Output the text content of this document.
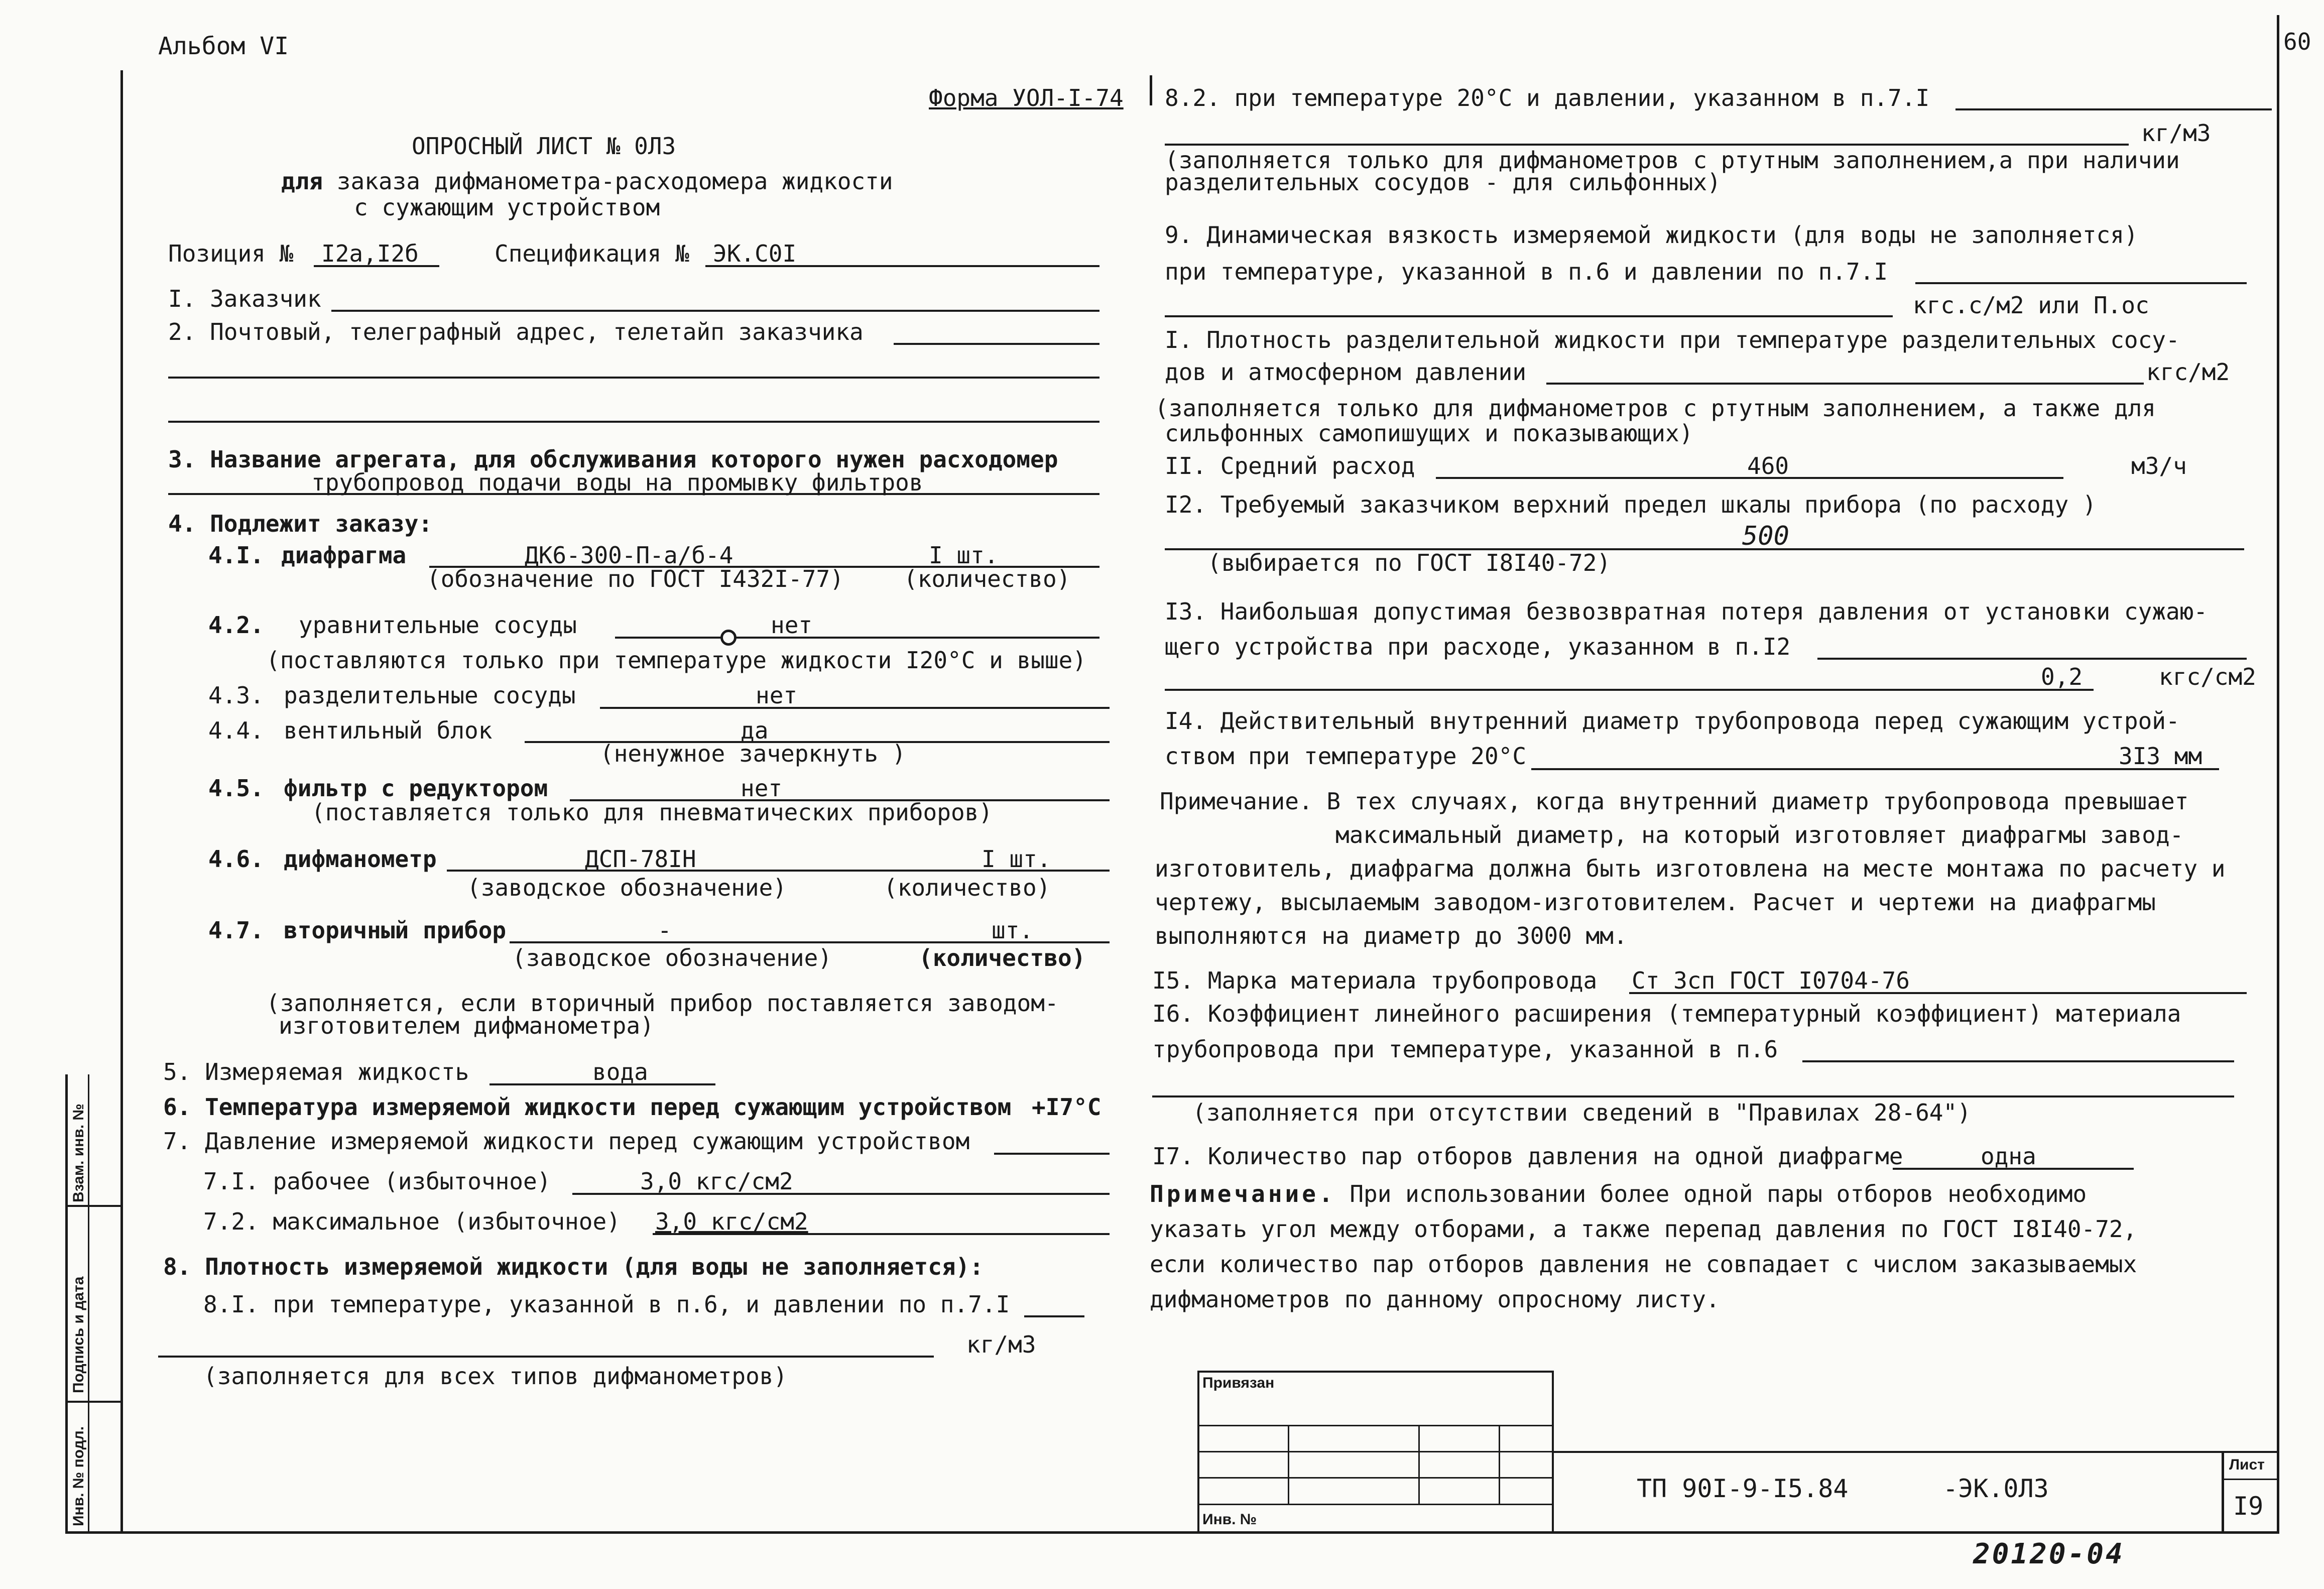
Альбом VI	60
Взам. инв. №
Подпись и дата
Инв. № подл.
Форма УОЛ-I-74
ОПРОСНЫЙ ЛИСТ № 0ЛЗ
для заказа дифманометра-расходомера жидкости
с сужающим устройством
Позиция № I2а,I2б	Спецификация № ЭК.С0I
I. Заказчик
2. Почтовый, телеграфный адрес, телетайп заказчика
3. Название агрегата, для обслуживания которого нужен расходомер
трубопровод подачи воды на промывку фильтров
4. Подлежит заказу:
4.I. диафрагма	ДК6-300-П-а/б-4	I шт.
(обозначение по ГОСТ I432I-77)	(количество)
4.2. уравнительные сосуды	нет
(поставляются только при температуре жидкости I20°С и выше)
4.3. разделительные сосуды	нет
4.4. вентильный блок	да
(ненужное зачеркнуть )
4.5. фильтр с редуктором	нет
(поставляется только для пневматических приборов)
4.6. дифманометр	ДСП-78IН	I шт.
(заводское обозначение)	(количество)
4.7. вторичный прибор	-	шт.
(заводское обозначение)	(количество)
(заполняется, если вторичный прибор поставляется заводом-
изготовителем дифманометра)
5. Измеряемая жидкость	вода
6. Температура измеряемой жидкости перед сужающим устройством +I7°С
7. Давление измеряемой жидкости перед сужающим устройством
7.I. рабочее (избыточное)	3,0 кгс/см2
7.2. максимальное (избыточное) 3,0 кгс/см2
8. Плотность измеряемой жидкости (для воды не заполняется):
8.I. при температуре, указанной в п.6, и давлении по п.7.I
кг/м3
(заполняется для всех типов дифманометров)
8.2. при температуре 20°С и давлении, указанном в п.7.I
кг/м3
(заполняется только для дифманометров с ртутным заполнением,а при наличии
разделительных сосудов - для сильфонных)
9. Динамическая вязкость измеряемой жидкости (для воды не заполняется)
при температуре, указанной в п.6 и давлении по п.7.I
кгс.с/м2 или П.ос
I. Плотность разделительной жидкости при температуре разделительных сосу-
дов и атмосферном давлении	кгс/м2
(заполняется только для дифманометров с ртутным заполнением, а также для
сильфонных самопишущих и показывающих)
II. Средний расход	460	м3/ч
I2. Требуемый заказчиком верхний предел шкалы прибора (по расходу )
500
(выбирается по ГОСТ I8I40-72)
I3. Наибольшая допустимая безвозвратная потеря давления от установки сужаю-
щего устройства при расходе, указанном в п.I2
0,2	кгс/см2
I4. Действительный внутренний диаметр трубопровода перед сужающим устрой-
ством при температуре 20°С	3I3 мм
Примечание. В тех случаях, когда внутренний диаметр трубопровода превышает
максимальный диаметр, на который изготовляет диафрагмы завод-
изготовитель, диафрагма должна быть изготовлена на месте монтажа по расчету и
чертежу, высылаемым заводом-изготовителем. Расчет и чертежи на диафрагмы
выполняются на диаметр до 3000 мм.
I5. Марка материала трубопровода Ст 3сп ГОСТ I0704-76
I6. Коэффициент линейного расширения (температурный коэффициент) материала
трубопровода при температуре, указанной в п.6
(заполняется при отсутствии сведений в "Правилах 28-64")
I7. Количество пар отборов давления на одной диафрагме	одна
Примечание. При использовании более одной пары отборов необходимо
указать угол между отборами, а также перепад давления по ГОСТ I8I40-72,
если количество пар отборов давления не совпадает с числом заказываемых
дифманометров по данному опросному листу.
Привязан
Инв. №
ТП 90I-9-I5.84	-ЭК.0ЛЗ
Лист
I9
20120-04
